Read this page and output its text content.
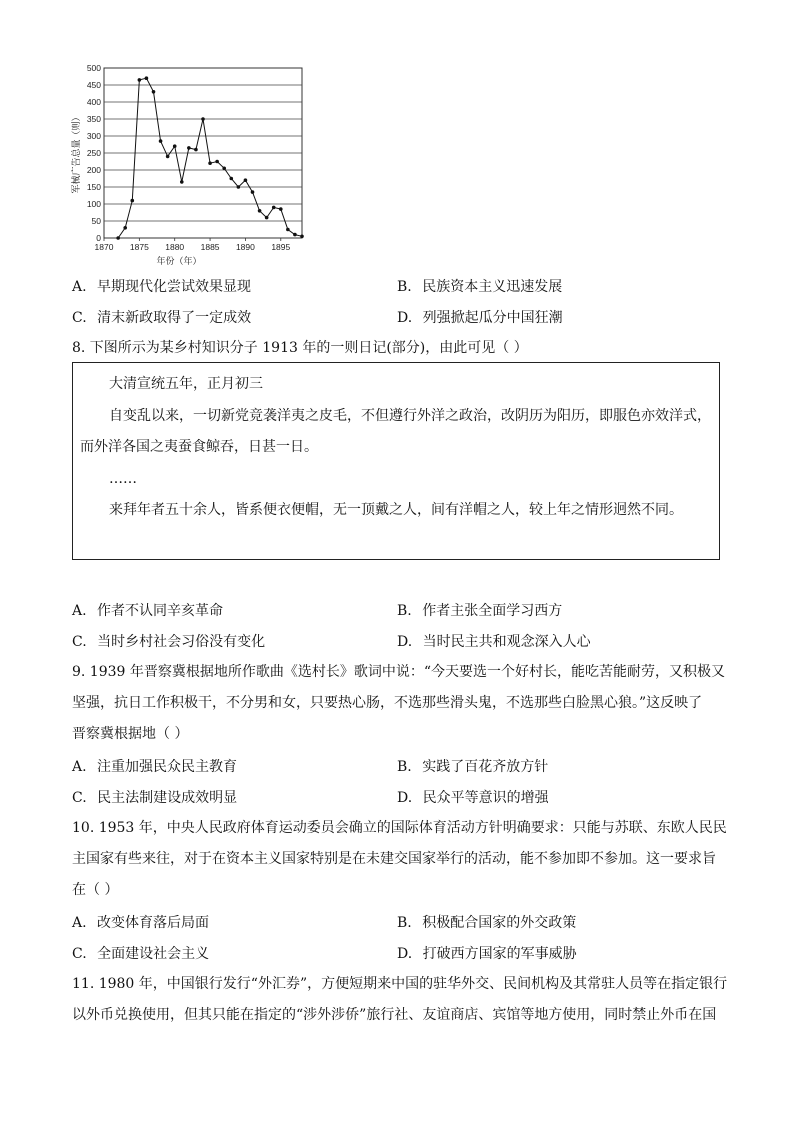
0
50
100
150
200
250
300
350
400
450
500
1870 1875 1880 1885 1890 1895
军械广告总量（则）
年份（年）
A. 早期现代化尝试效果显现	B. 民族资本主义迅速发展
C. 清末新政取得了一定成效	D. 列强掀起瓜分中国狂潮
8. 下图所示为某乡村知识分子 1913 年的一则日记(部分)，由此可见（ ）
大清宣统五年，正月初三
自变乱以来，一切新党竞袭洋夷之皮毛，不但遵行外洋之政治，改阴历为阳历，即服色亦效洋式，
而外洋各国之夷蚕食鲸吞，日甚一日。
……
来拜年者五十余人，皆系便衣便帽，无一顶戴之人，间有洋帽之人，较上年之情形迥然不同。
A. 作者不认同辛亥革命	B. 作者主张全面学习西方
C. 当时乡村社会习俗没有变化	D. 当时民主共和观念深入人心
9. 1939 年晋察冀根据地所作歌曲《选村长》歌词中说：“今天要选一个好村长，能吃苦能耐劳，又积极又
坚强，抗日工作积极干，不分男和女，只要热心肠，不选那些滑头鬼，不选那些白脸黑心狼。”这反映了
晋察冀根据地（ ）
A. 注重加强民众民主教育	B. 实践了百花齐放方针
C. 民主法制建设成效明显	D. 民众平等意识的增强
10. 1953 年，中央人民政府体育运动委员会确立的国际体育活动方针明确要求：只能与苏联、东欧人民民
主国家有些来往，对于在资本主义国家特别是在未建交国家举行的活动，能不参加即不参加。这一要求旨
在（ ）
A. 改变体育落后局面	B. 积极配合国家的外交政策
C. 全面建设社会主义	D. 打破西方国家的军事威胁
11. 1980 年，中国银行发行“外汇券”，方便短期来中国的驻华外交、民间机构及其常驻人员等在指定银行
以外币兑换使用，但其只能在指定的“涉外涉侨”旅行社、友谊商店、宾馆等地方使用，同时禁止外币在国
